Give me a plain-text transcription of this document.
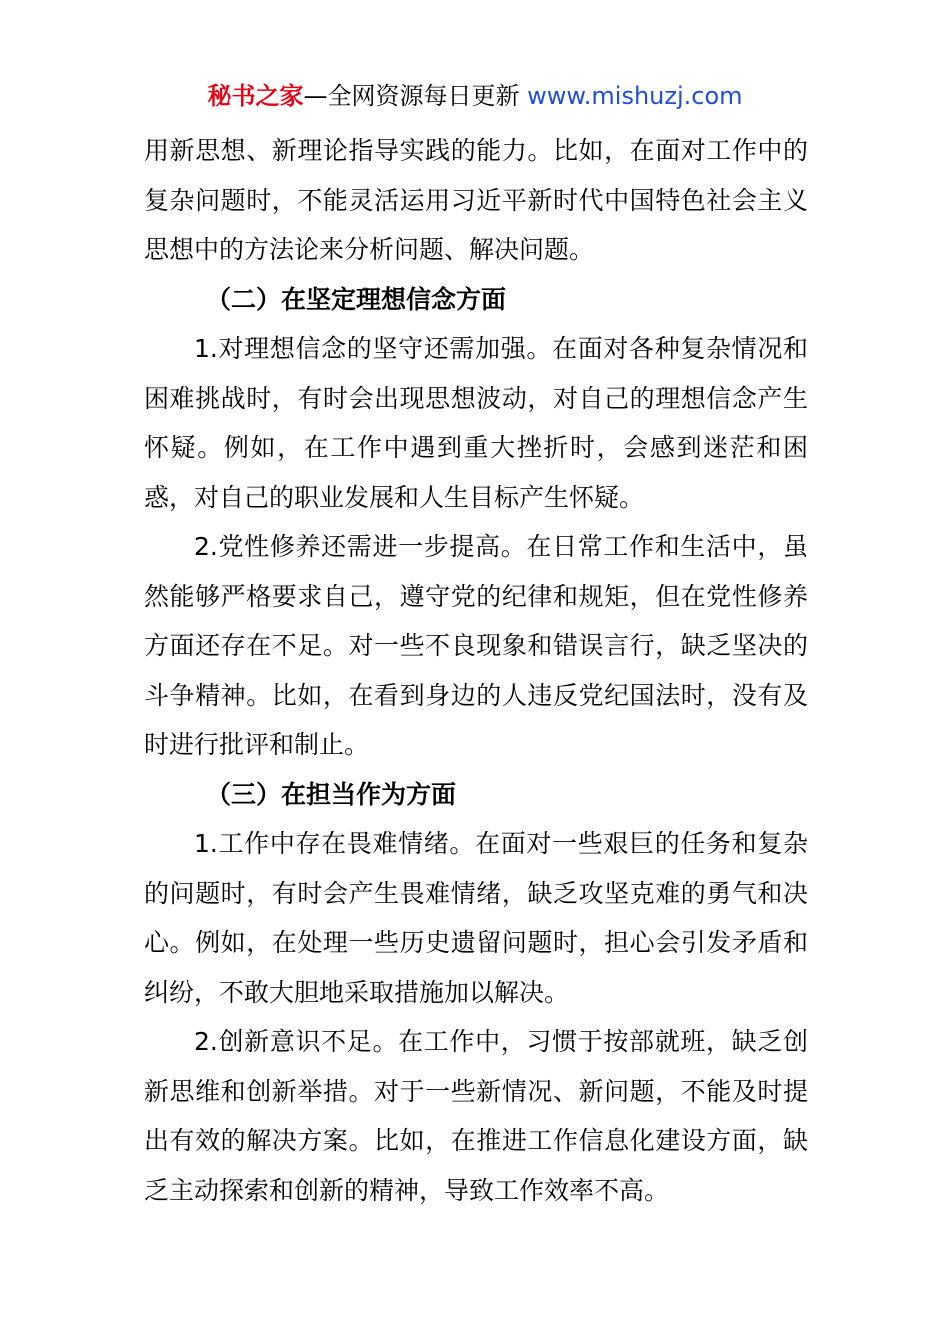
秘书之家—全网资源每日更新 www.mishuzj.com

用新思想、新理论指导实践的能力。比如，在面对工作中的复杂问题时，不能灵活运用习近平新时代中国特色社会主义思想中的方法论来分析问题、解决问题。

（二）在坚定理想信念方面

1.对理想信念的坚守还需加强。在面对各种复杂情况和困难挑战时，有时会出现思想波动，对自己的理想信念产生怀疑。例如，在工作中遇到重大挫折时，会感到迷茫和困惑，对自己的职业发展和人生目标产生怀疑。

2.党性修养还需进一步提高。在日常工作和生活中，虽然能够严格要求自己，遵守党的纪律和规矩，但在党性修养方面还存在不足。对一些不良现象和错误言行，缺乏坚决的斗争精神。比如，在看到身边的人违反党纪国法时，没有及时进行批评和制止。

（三）在担当作为方面

1.工作中存在畏难情绪。在面对一些艰巨的任务和复杂的问题时，有时会产生畏难情绪，缺乏攻坚克难的勇气和决心。例如，在处理一些历史遗留问题时，担心会引发矛盾和纠纷，不敢大胆地采取措施加以解决。

2.创新意识不足。在工作中，习惯于按部就班，缺乏创新思维和创新举措。对于一些新情况、新问题，不能及时提出有效的解决方案。比如，在推进工作信息化建设方面，缺乏主动探索和创新的精神，导致工作效率不高。
